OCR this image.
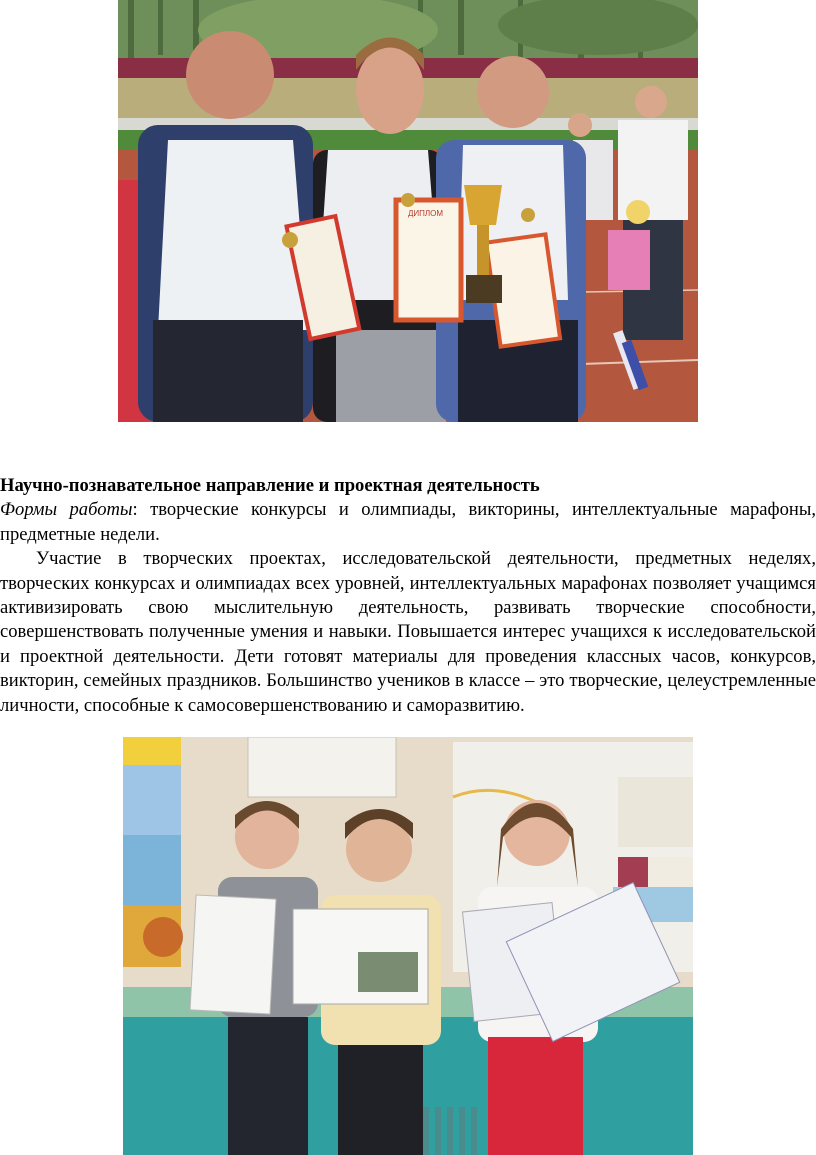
ДИПЛОМ

Научно-познавательное направление и проектная деятельность

Формы работы: творческие конкурсы и олимпиады, викторины, интеллектуальные марафоны, предметные недели.

Участие в творческих проектах, исследовательской деятельности, предметных неделях, творческих конкурсах и олимпиадах всех уровней, интеллектуальных марафонах позволяет учащимся активизировать свою мыслительную деятельность, развивать творческие способности, совершенствовать полученные умения и навыки. Повышается интерес учащихся к исследовательской и проектной деятельности. Дети готовят материалы для проведения классных часов, конкурсов, викторин, семейных праздников. Большинство учеников в классе – это творческие, целеустремленные личности, способные к самосовершенствованию и саморазвитию.
